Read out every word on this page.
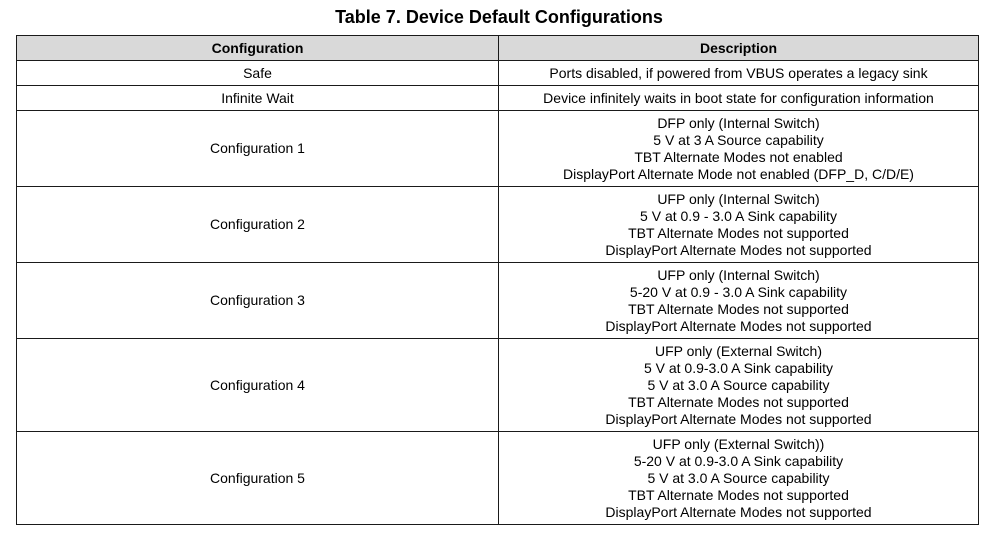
Table 7. Device Default Configurations
Configuration	Description
Safe	Ports disabled, if powered from VBUS operates a legacy sink

Infinite Wait	Device infinitely waits in boot state for configuration information

Configuration 1	DFP only (Internal Switch)
5 V at 3 A Source capability
TBT Alternate Modes not enabled
DisplayPort Alternate Mode not enabled (DFP_D, C/D/E)

Configuration 2	UFP only (Internal Switch)
5 V at 0.9 - 3.0 A Sink capability
TBT Alternate Modes not supported
DisplayPort Alternate Modes not supported

Configuration 3	UFP only (Internal Switch)
5-20 V at 0.9 - 3.0 A Sink capability
TBT Alternate Modes not supported
DisplayPort Alternate Modes not supported

Configuration 4	UFP only (External Switch)
5 V at 0.9-3.0 A Sink capability
5 V at 3.0 A Source capability
TBT Alternate Modes not supported
DisplayPort Alternate Modes not supported

Configuration 5	UFP only (External Switch))
5-20 V at 0.9-3.0 A Sink capability
5 V at 3.0 A Source capability
TBT Alternate Modes not supported
DisplayPort Alternate Modes not supported
